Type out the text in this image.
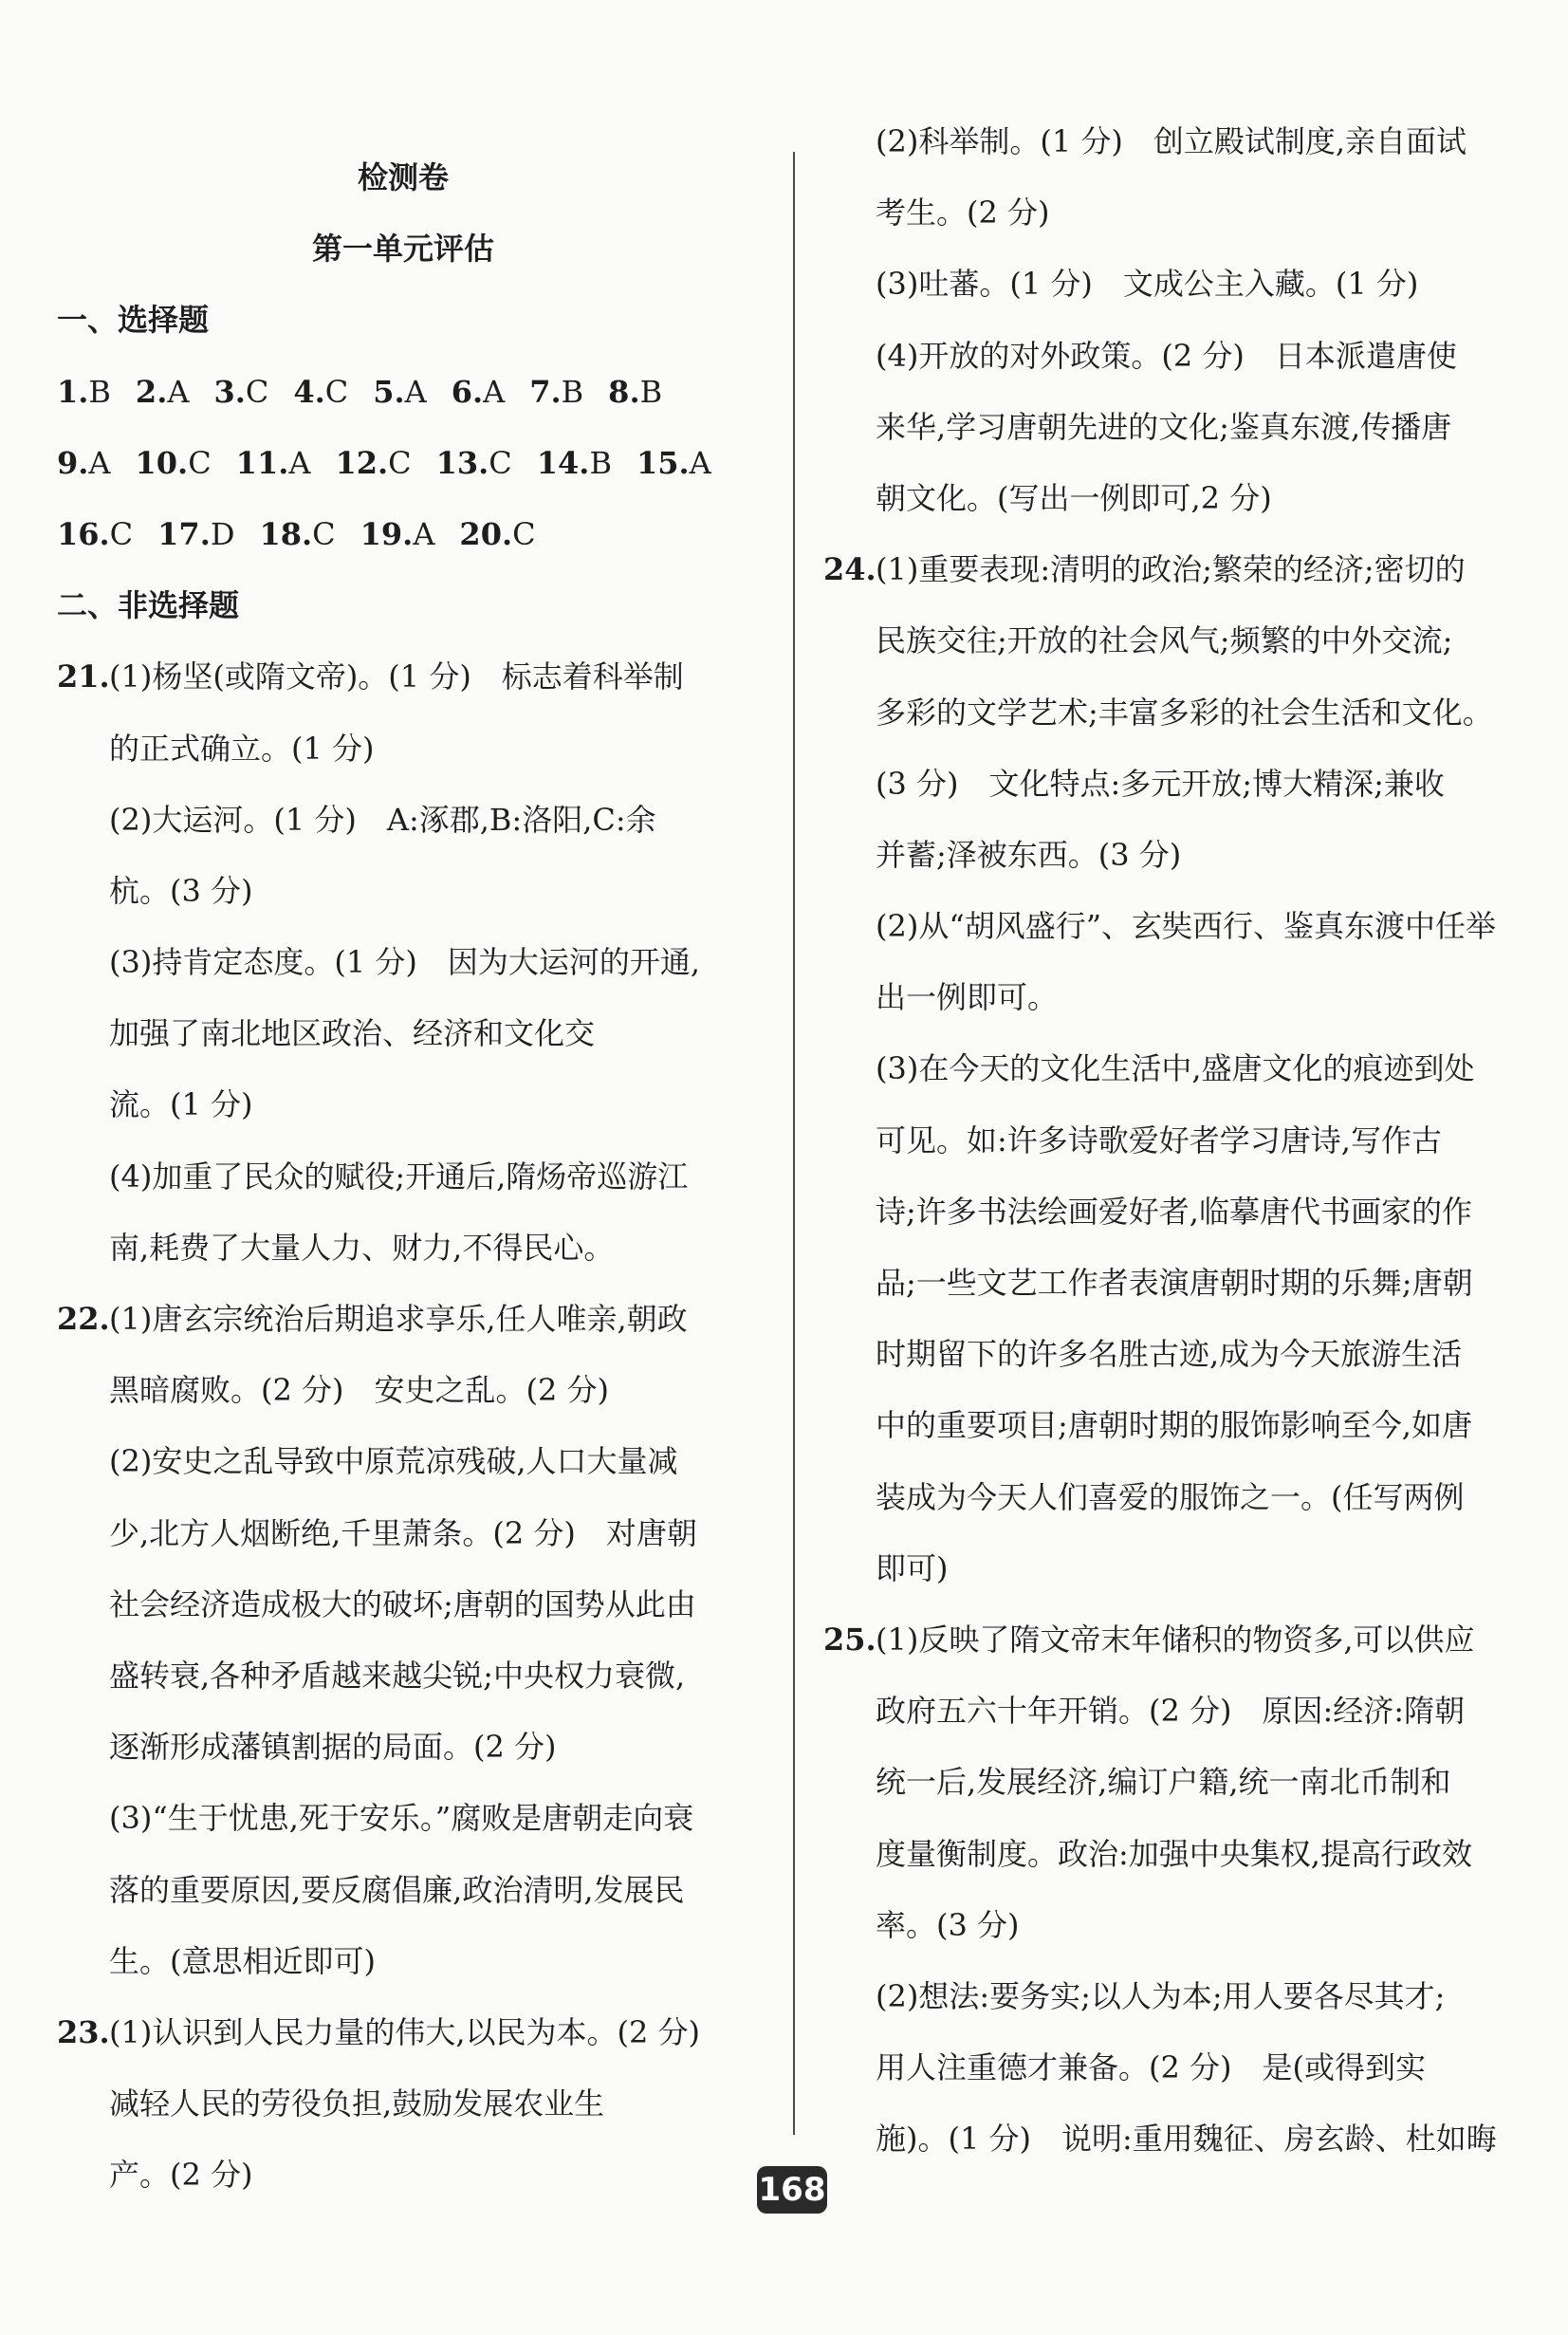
检测卷
第一单元评估
一、选择题
1.B 2.A 3.C 4.C 5.A 6.A 7.B 8.B
9.A 10.C 11.A 12.C 13.C 14.B 15.A
16.C 17.D 18.C 19.A 20.C
二、非选择题
21.(1)杨坚(或隋文帝)。(1 分)　标志着科举制
的正式确立。(1 分)
(2)大运河。(1 分)　A:涿郡,B:洛阳,C:余
杭。(3 分)
(3)持肯定态度。(1 分)　因为大运河的开通,
加强了南北地区政治、经济和文化交
流。(1 分)
(4)加重了民众的赋役;开通后,隋炀帝巡游江
南,耗费了大量人力、财力,不得民心。
22.(1)唐玄宗统治后期追求享乐,任人唯亲,朝政
黑暗腐败。(2 分)　安史之乱。(2 分)
(2)安史之乱导致中原荒凉残破,人口大量减
少,北方人烟断绝,千里萧条。(2 分)　对唐朝
社会经济造成极大的破坏;唐朝的国势从此由
盛转衰,各种矛盾越来越尖锐;中央权力衰微,
逐渐形成藩镇割据的局面。(2 分)
(3)“生于忧患,死于安乐。”腐败是唐朝走向衰
落的重要原因,要反腐倡廉,政治清明,发展民
生。(意思相近即可)
23.(1)认识到人民力量的伟大,以民为本。(2 分)
减轻人民的劳役负担,鼓励发展农业生
产。(2 分)
(2)科举制。(1 分)　创立殿试制度,亲自面试
考生。(2 分)
(3)吐蕃。(1 分)　文成公主入藏。(1 分)
(4)开放的对外政策。(2 分)　日本派遣唐使
来华,学习唐朝先进的文化;鉴真东渡,传播唐
朝文化。(写出一例即可,2 分)
24.(1)重要表现:清明的政治;繁荣的经济;密切的
民族交往;开放的社会风气;频繁的中外交流;
多彩的文学艺术;丰富多彩的社会生活和文化。
(3 分)　文化特点:多元开放;博大精深;兼收
并蓄;泽被东西。(3 分)
(2)从“胡风盛行”、玄奘西行、鉴真东渡中任举
出一例即可。
(3)在今天的文化生活中,盛唐文化的痕迹到处
可见。如:许多诗歌爱好者学习唐诗,写作古
诗;许多书法绘画爱好者,临摹唐代书画家的作
品;一些文艺工作者表演唐朝时期的乐舞;唐朝
时期留下的许多名胜古迹,成为今天旅游生活
中的重要项目;唐朝时期的服饰影响至今,如唐
装成为今天人们喜爱的服饰之一。(任写两例
即可)
25.(1)反映了隋文帝末年储积的物资多,可以供应
政府五六十年开销。(2 分)　原因:经济:隋朝
统一后,发展经济,编订户籍,统一南北币制和
度量衡制度。政治:加强中央集权,提高行政效
率。(3 分)
(2)想法:要务实;以人为本;用人要各尽其才;
用人注重德才兼备。(2 分)　是(或得到实
施)。(1 分)　说明:重用魏征、房玄龄、杜如晦
168
